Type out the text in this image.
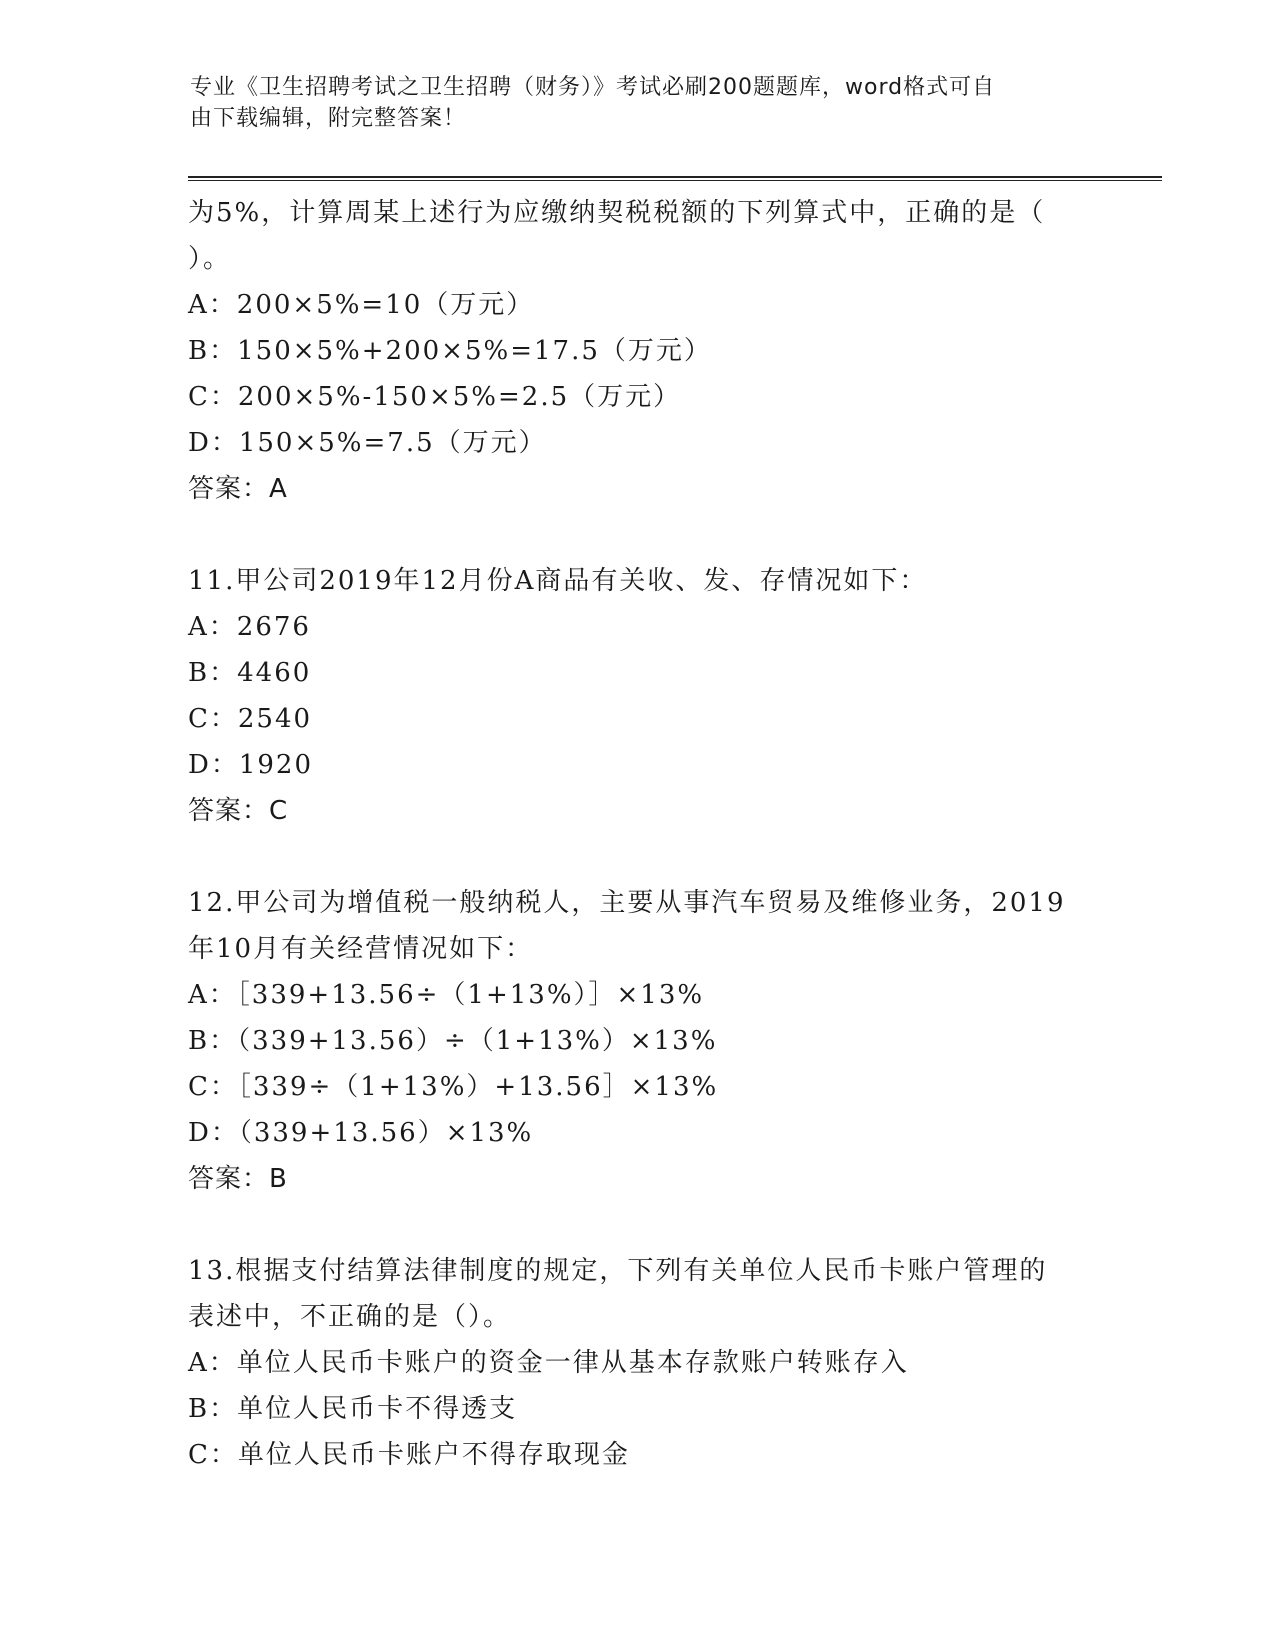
专业《卫生招聘考试之卫生招聘（财务）》考试必刷200题题库，word格式可自
由下载编辑，附完整答案！
为5%，计算周某上述行为应缴纳契税税额的下列算式中，正确的是（
）。
A：200×5%=10（万元）
B：150×5%+200×5%=17.5（万元）
C：200×5%-150×5%=2.5（万元）
D：150×5%=7.5（万元）
答案：A
11.甲公司2019年12月份A商品有关收、发、存情况如下：
A：2676
B：4460
C：2540
D：1920
答案：C
12.甲公司为增值税一般纳税人，主要从事汽车贸易及维修业务，2019
年10月有关经营情况如下：
A：［339+13.56÷（1+13%）］×13%
B：（339+13.56）÷（1+13%）×13%
C：［339÷（1+13%）+13.56］×13%
D：（339+13.56）×13%
答案：B
13.根据支付结算法律制度的规定，下列有关单位人民币卡账户管理的
表述中，不正确的是（）。
A：单位人民币卡账户的资金一律从基本存款账户转账存入
B：单位人民币卡不得透支
C：单位人民币卡账户不得存取现金
